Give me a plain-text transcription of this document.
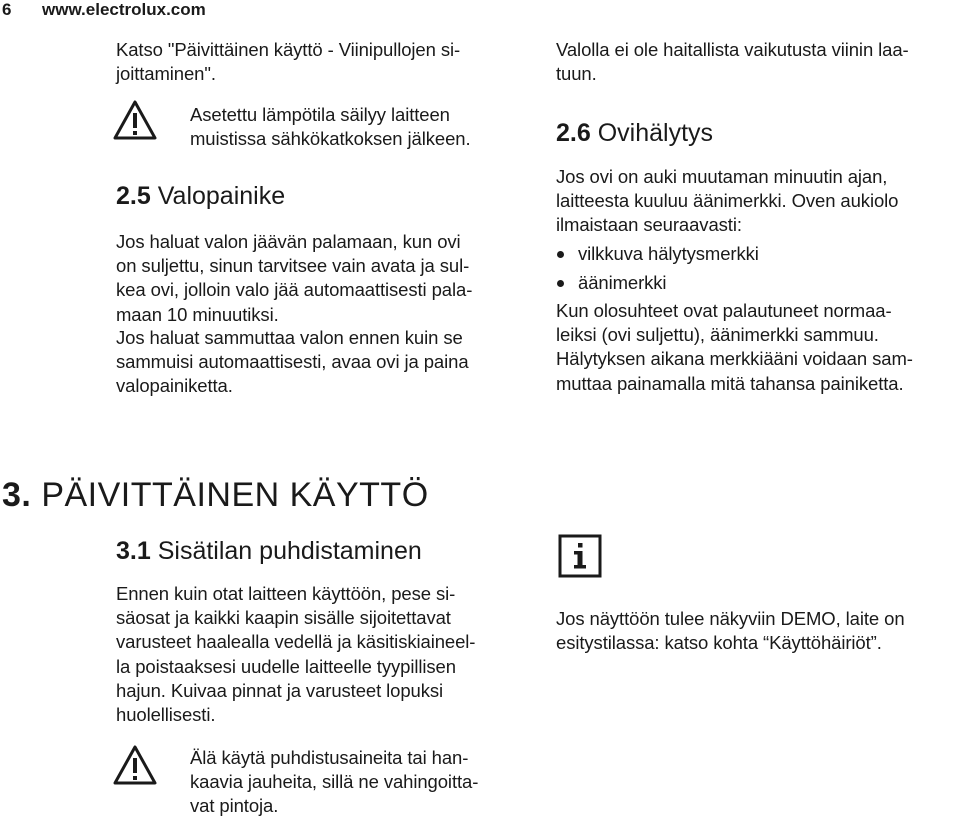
6 www.electrolux.com
Katso "Päivittäinen käyttö - Viinipullojen si-
joittaminen".
Asetettu lämpötila säilyy laitteen
muistissa sähkökatkoksen jälkeen.
2.5 Valopainike
Jos haluat valon jäävän palamaan, kun ovi
on suljettu, sinun tarvitsee vain avata ja sul-
kea ovi, jolloin valo jää automaattisesti pala-
maan 10 minuutiksi.
Jos haluat sammuttaa valon ennen kuin se
sammuisi automaattisesti, avaa ovi ja paina
valopainiketta.
Valolla ei ole haitallista vaikutusta viinin laa-
tuun.
2.6 Ovihälytys
Jos ovi on auki muutaman minuutin ajan,
laitteesta kuuluu äänimerkki. Oven aukiolo
ilmaistaan seuraavasti:
vilkkuva hälytysmerkki
äänimerkki
Kun olosuhteet ovat palautuneet normaa-
leiksi (ovi suljettu), äänimerkki sammuu.
Hälytyksen aikana merkkiääni voidaan sam-
muttaa painamalla mitä tahansa painiketta.
3. PÄIVITTÄINEN KÄYTTÖ
3.1 Sisätilan puhdistaminen
Ennen kuin otat laitteen käyttöön, pese si-
säosat ja kaikki kaapin sisälle sijoitettavat
varusteet haalealla vedellä ja käsitiskiaineel-
la poistaaksesi uudelle laitteelle tyypillisen
hajun. Kuivaa pinnat ja varusteet lopuksi
huolellisesti.
Älä käytä puhdistusaineita tai han-
kaavia jauheita, sillä ne vahingoitta-
vat pintoja.
Jos näyttöön tulee näkyviin DEMO, laite on
esitystilassa: katso kohta “Käyttöhäiriöt”.
